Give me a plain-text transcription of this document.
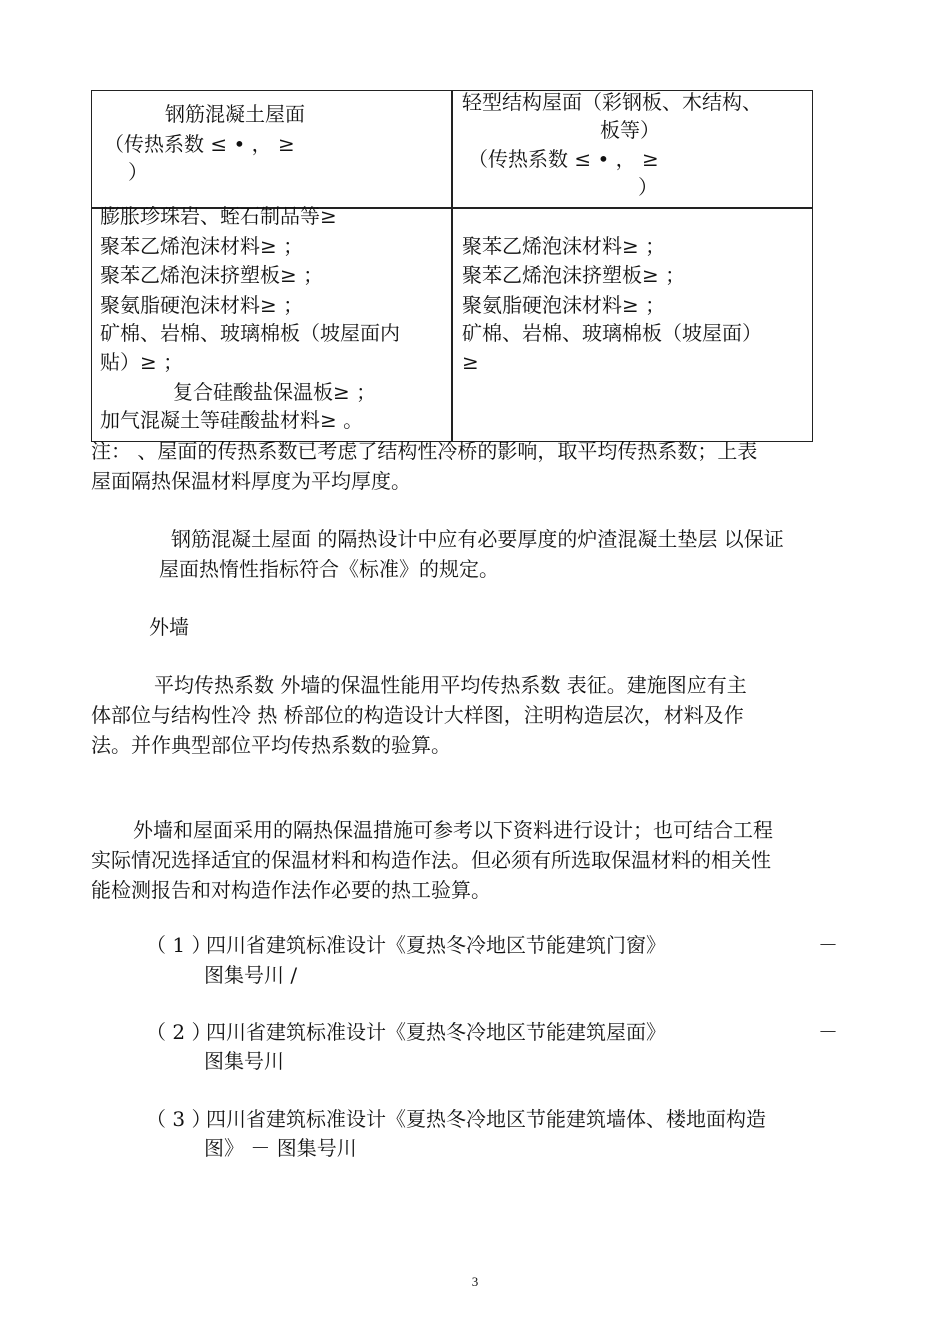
钢筋混凝土屋面
（传热系数 ≤ • ， ≥
）
轻型结构屋面（彩钢板、木结构、
板等）
（传热系数 ≤ • ， ≥
）
膨胀珍珠岩、蛭石制品等≥
聚苯乙烯泡沫材料≥ ；
聚苯乙烯泡沫挤塑板≥ ；
聚氨脂硬泡沫材料≥ ；
矿棉、岩棉、玻璃棉板（坡屋面内
贴）≥ ；
复合硅酸盐保温板≥ ；
加气混凝土等硅酸盐材料≥ 。
聚苯乙烯泡沫材料≥ ；
聚苯乙烯泡沫挤塑板≥ ；
聚氨脂硬泡沫材料≥ ；
矿棉、岩棉、玻璃棉板（坡屋面）
≥
注： 、屋面的传热系数已考虑了结构性冷桥的影响，取平均传热系数；上表
屋面隔热保温材料厚度为平均厚度。
钢筋混凝土屋面 的隔热设计中应有必要厚度的炉渣混凝土垫层 以保证
屋面热惰性指标符合《标准》的规定。
外墙
平均传热系数 外墙的保温性能用平均传热系数 表征。建施图应有主
体部位与结构性冷 热 桥部位的构造设计大样图，注明构造层次，材料及作
法。并作典型部位平均传热系数的验算。
外墙和屋面采用的隔热保温措施可参考以下资料进行设计；也可结合工程
实际情况选择适宜的保温材料和构造作法。但必须有所选取保温材料的相关性
能检测报告和对构造作法作必要的热工验算。
（ 1 ）
四川省建筑标准设计《夏热冬冷地区节能建筑门窗》	－
图集号川 /
（ 2 ）
四川省建筑标准设计《夏热冬冷地区节能建筑屋面》	－
图集号川
（ 3 ）
四川省建筑标准设计《夏热冬冷地区节能建筑墙体、楼地面构造
图》 － 图集号川
3
